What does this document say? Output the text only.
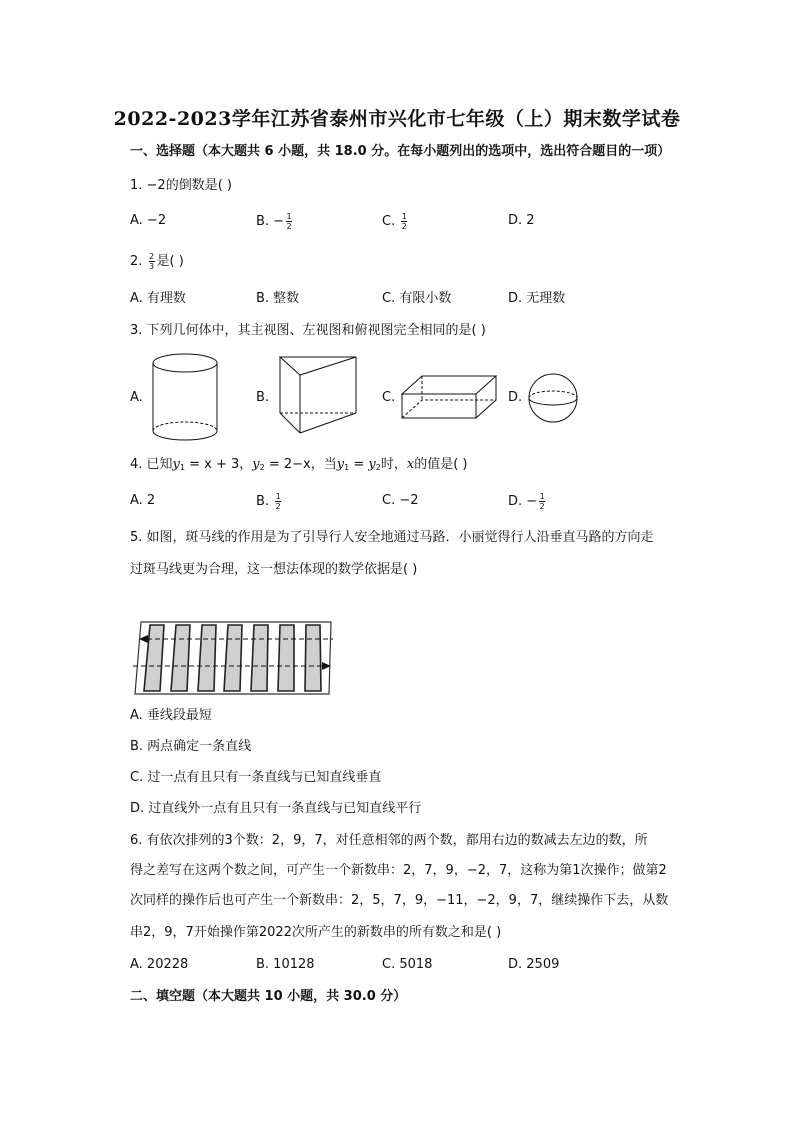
2022-2023学年江苏省泰州市兴化市七年级（上）期末数学试卷
一、选择题（本大题共 6 小题，共 18.0 分。在每小题列出的选项中，选出符合题目的一项）
1. −2的倒数是( )
A. −2	B. − $\frac{1}{2}$	C. $\frac{1}{2}$	D. 2
2. $\frac{2}{3}$ 是( )
A. 有理数	B. 整数	C. 有限小数	D. 无理数
3. 下列几何体中，其主视图、左视图和俯视图完全相同的是( )
A.	B.	C.	D.
4. 已知$y_1 = x + 3$，$y_2 = 2-x$，当$y_1 = y_2$时，x的值是( )
A. 2	B. $\frac{1}{2}$	C. −2	D. − $\frac{1}{2}$
5. 如图，斑马线的作用是为了引导行人安全地通过马路．小丽觉得行人沿垂直马路的方向走
过斑马线更为合理，这一想法体现的数学依据是( )
A. 垂线段最短
B. 两点确定一条直线
C. 过一点有且只有一条直线与已知直线垂直
D. 过直线外一点有且只有一条直线与已知直线平行
6. 有依次排列的3个数：2，9，7，对任意相邻的两个数，都用右边的数减去左边的数，所
得之差写在这两个数之间，可产生一个新数串：2，7，9，−2，7，这称为第1次操作；做第2
次同样的操作后也可产生一个新数串：2，5，7，9，−11，−2，9，7，继续操作下去，从数
串2，9，7开始操作第2022次所产生的新数串的所有数之和是( )
A. 20228	B. 10128	C. 5018	D. 2509
二、填空题（本大题共 10 小题，共 30.0 分）
